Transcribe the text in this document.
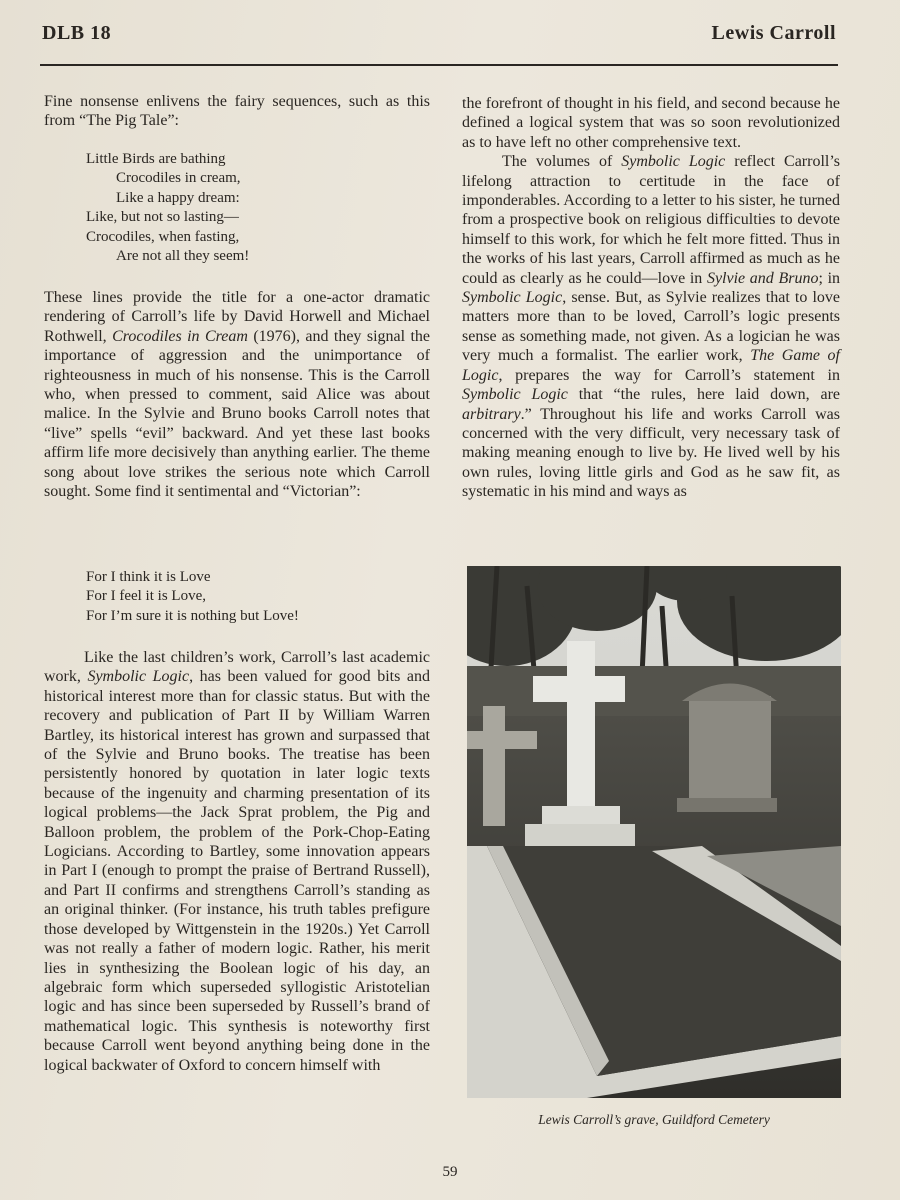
DLB 18	Lewis Carroll

Fine nonsense enlivens the fairy sequences, such as this from “The Pig Tale”:

Little Birds are bathing
Crocodiles in cream,
Like a happy dream:
Like, but not so lasting—
Crocodiles, when fasting,
Are not all they seem!

These lines provide the title for a one-actor dramatic rendering of Carroll’s life by David Horwell and Michael Rothwell, Crocodiles in Cream (1976), and they signal the importance of aggression and the unimportance of righteousness in much of his nonsense. This is the Carroll who, when pressed to comment, said Alice was about malice. In the Sylvie and Bruno books Carroll notes that “live” spells “evil” backward. And yet these last books affirm life more decisively than anything earlier. The theme song about love strikes the serious note which Carroll sought. Some find it sentimental and “Victorian”:

For I think it is Love
For I feel it is Love,
For I’m sure it is nothing but Love!

Like the last children’s work, Carroll’s last academic work, Symbolic Logic, has been valued for good bits and historical interest more than for classic status. But with the recovery and publication of Part II by William Warren Bartley, its historical interest has grown and surpassed that of the Sylvie and Bruno books. The treatise has been persistently honored by quotation in later logic texts because of the ingenuity and charming presentation of its logical problems—the Jack Sprat problem, the Pig and Balloon problem, the problem of the Pork-Chop-Eating Logicians. According to Bartley, some innovation appears in Part I (enough to prompt the praise of Bertrand Russell), and Part II confirms and strengthens Carroll’s standing as an original thinker. (For instance, his truth tables prefigure those developed by Wittgenstein in the 1920s.) Yet Carroll was not really a father of modern logic. Rather, his merit lies in synthesizing the Boolean logic of his day, an algebraic form which superseded syllogistic Aristotelian logic and has since been superseded by Russell’s brand of mathematical logic. This synthesis is noteworthy first because Carroll went beyond anything being done in the logical backwater of Oxford to concern himself with

the forefront of thought in his field, and second because he defined a logical system that was so soon revolutionized as to have left no other comprehensive text.

The volumes of Symbolic Logic reflect Carroll’s lifelong attraction to certitude in the face of imponderables. According to a letter to his sister, he turned from a prospective book on religious difficulties to devote himself to this work, for which he felt more fitted. Thus in the works of his last years, Carroll affirmed as much as he could as clearly as he could—love in Sylvie and Bruno; in Symbolic Logic, sense. But, as Sylvie realizes that to love matters more than to be loved, Carroll’s logic presents sense as something made, not given. As a logician he was very much a formalist. The earlier work, The Game of Logic, prepares the way for Carroll’s statement in Symbolic Logic that “the rules, here laid down, are arbitrary.” Throughout his life and works Carroll was concerned with the very difficult, very necessary task of making meaning enough to live by. He lived well by his own rules, loving little girls and God as he saw fit, as systematic in his mind and ways as

Lewis Carroll’s grave, Guildford Cemetery
59
